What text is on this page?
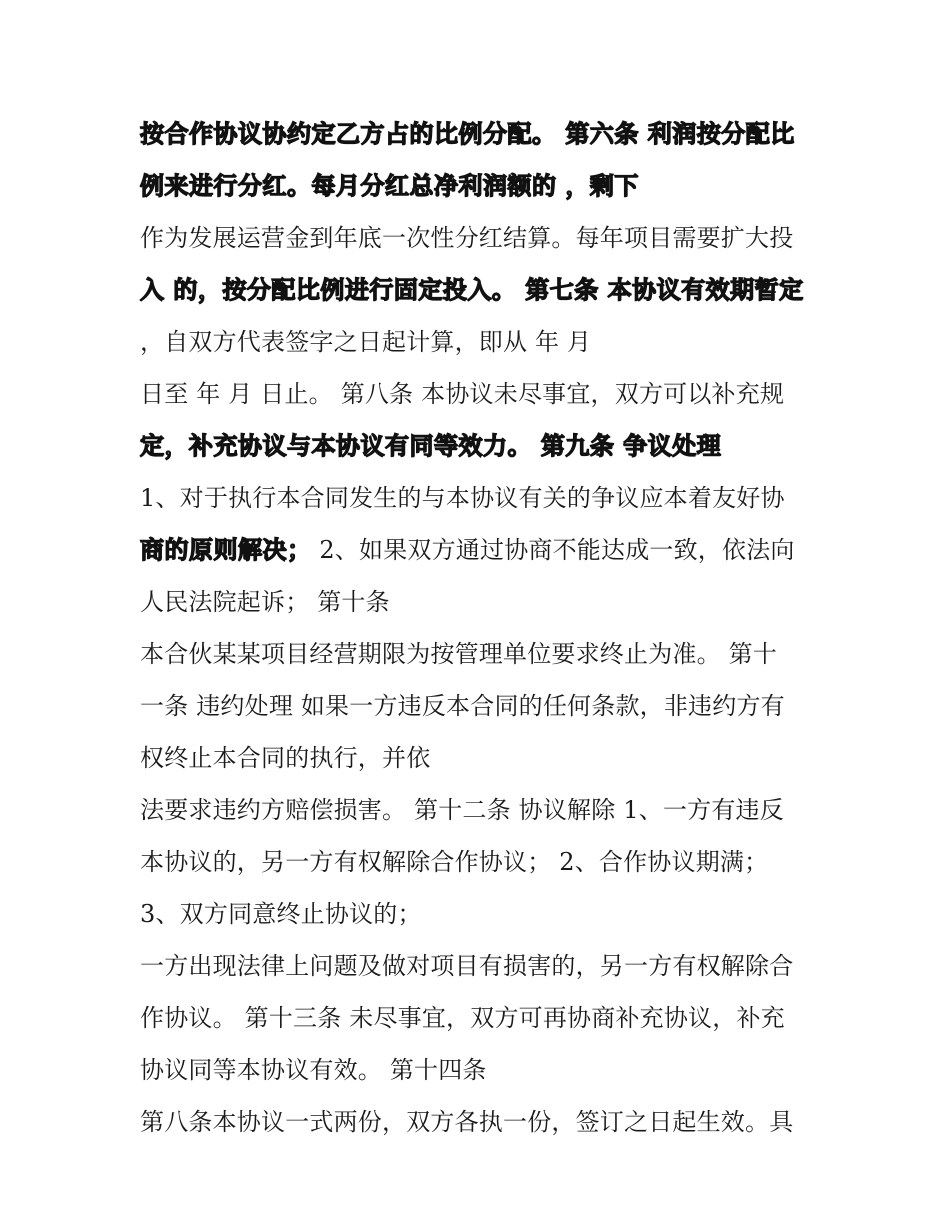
按合作协议协约定乙方占的比例分配。 第六条 利润按分配比
例来进行分红。每月分红总净利润额的 ，剩下
作为发展运营金到年底一次性分红结算。每年项目需要扩大投
入 的，按分配比例进行固定投入。 第七条 本协议有效期暂定
，自双方代表签字之日起计算，即从 年 月
日至 年 月 日止。 第八条 本协议未尽事宜，双方可以补充规
定，补充协议与本协议有同等效力。 第九条 争议处理
1、对于执行本合同发生的与本协议有关的争议应本着友好协
商的原则解决； 2、如果双方通过协商不能达成一致，依法向
人民法院起诉； 第十条
本合伙某某项目经营期限为按管理单位要求终止为准。 第十
一条 违约处理 如果一方违反本合同的任何条款，非违约方有
权终止本合同的执行，并依
法要求违约方赔偿损害。 第十二条 协议解除 1、一方有违反
本协议的，另一方有权解除合作协议； 2、合作协议期满；
3、双方同意终止协议的；
一方出现法律上问题及做对项目有损害的，另一方有权解除合
作协议。 第十三条 未尽事宜，双方可再协商补充协议，补充
协议同等本协议有效。 第十四条
第八条本协议一式两份，双方各执一份，签订之日起生效。具
